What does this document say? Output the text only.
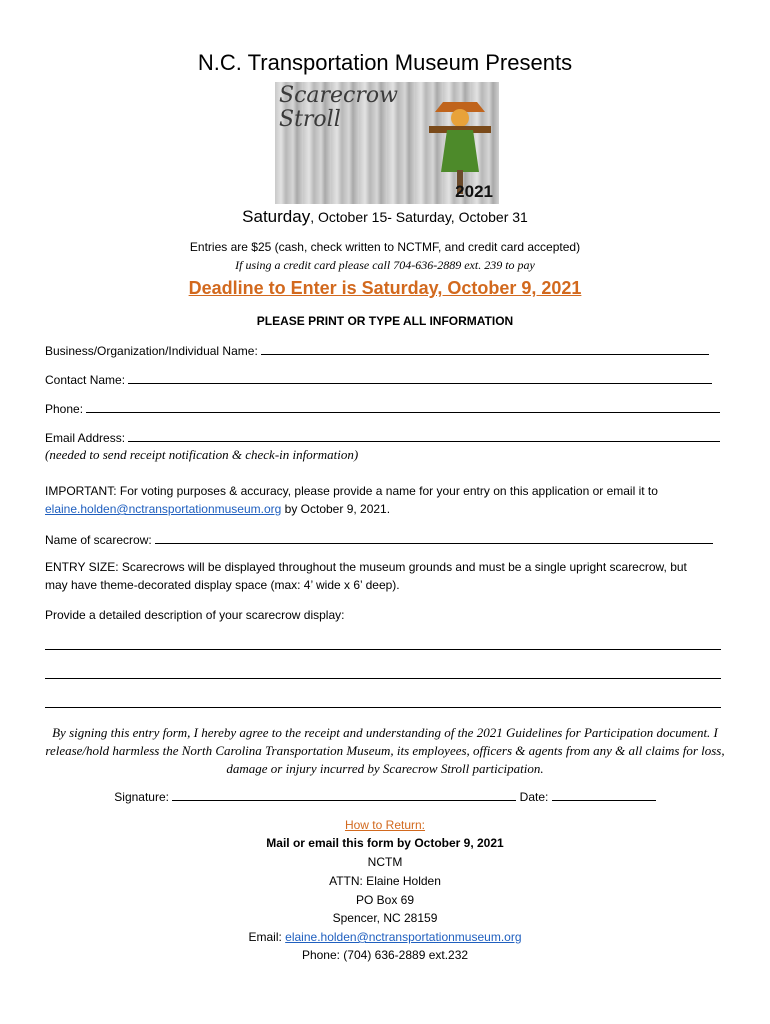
N.C. Transportation Museum Presents
Scarecrow
Stroll
2021
Saturday, October 15- Saturday, October 31
Entries are $25 (cash, check written to NCTMF, and credit card accepted)
If using a credit card please call 704-636-2889 ext. 239 to pay
Deadline to Enter is Saturday, October 9, 2021
PLEASE PRINT OR TYPE ALL INFORMATION
Business/Organization/Individual Name:
Contact Name:
Phone:
Email Address:
(needed to send receipt notification & check-in information)
IMPORTANT: For voting purposes & accuracy, please provide a name for your entry on this application or email it to
elaine.holden@nctransportationmuseum.org by October 9, 2021.
Name of scarecrow:
ENTRY SIZE: Scarecrows will be displayed throughout the museum grounds and must be a single upright scarecrow, but
may have theme-decorated display space (max: 4’ wide x 6’ deep).
Provide a detailed description of your scarecrow display:
By signing this entry form, I hereby agree to the receipt and understanding of the 2021 Guidelines for Participation document. I release/hold harmless the North Carolina Transportation Museum, its employees, officers & agents from any & all claims for loss, damage or injury incurred by Scarecrow Stroll participation.
Signature:	Date:
How to Return:
Mail or email this form by October 9, 2021
NCTM
ATTN: Elaine Holden
PO Box 69
Spencer, NC 28159
Email: elaine.holden@nctransportationmuseum.org
Phone: (704) 636-2889 ext.232
